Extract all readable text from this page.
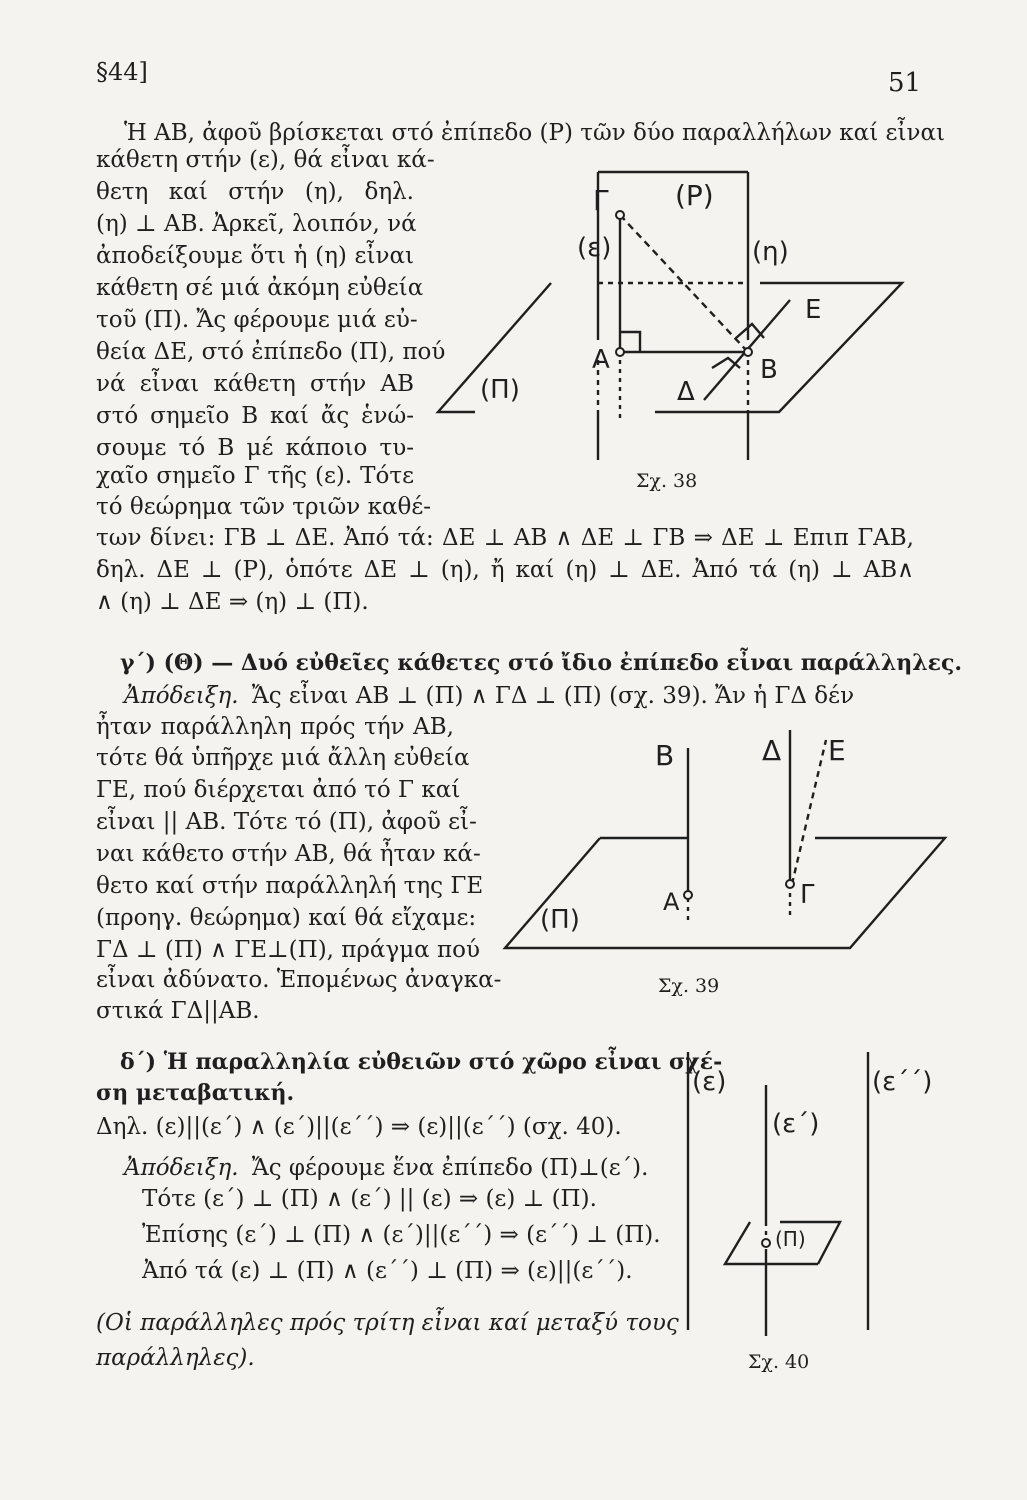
§44]	51
Ἡ ΑΒ, ἀφοῦ βρίσκεται στό ἐπίπεδο (Ρ) τῶν δύο παραλλήλων καί εἶναι
κάθετη στήν (ε), θά εἶναι κά-
θετη καί στήν (η), δηλ.
(η) ⊥ ΑΒ. Ἀρκεῖ, λοιπόν, νά
ἀποδείξουμε ὅτι ἡ (η) εἶναι
κάθετη σέ μιά ἀκόμη εὐθεία
τοῦ (Π). Ἄς φέρουμε μιά εὐ-
θεία ΔΕ, στό ἐπίπεδο (Π), πού
νά εἶναι κάθετη στήν ΑΒ
στό σημεῖο Β καί ἄς ἑνώ-
σουμε τό Β μέ κάποιο τυ-
χαῖο σημεῖο Γ τῆς (ε). Τότε
τό θεώρημα τῶν τριῶν καθέ-
των δίνει: ΓΒ ⊥ ΔΕ. Ἀπό τά: ΔΕ ⊥ ΑΒ ∧ ΔΕ ⊥ ΓΒ ⇒ ΔΕ ⊥ Επιπ ΓΑΒ,
δηλ. ΔΕ ⊥ (Ρ), ὁπότε ΔΕ ⊥ (η), ἤ καί (η) ⊥ ΔΕ. Ἀπό τά (η) ⊥ ΑΒ∧
∧ (η) ⊥ ΔΕ ⇒ (η) ⊥ (Π).
Γ (Ρ)
(ε)	(η)
Ε
Α	Β
Δ
(Π)
Σχ. 38
γ΄) (Θ) — Δυό εὐθεῖες κάθετες στό ἴδιο ἐπίπεδο εἶναι παράλληλες.
Ἀπόδειξη. Ἄς εἶναι ΑΒ ⊥ (Π) ∧ ΓΔ ⊥ (Π) (σχ. 39). Ἄν ἡ ΓΔ δέν
ἦταν παράλληλη πρός τήν ΑΒ,
τότε θά ὑπῆρχε μιά ἄλλη εὐθεία
ΓΕ, πού διέρχεται ἀπό τό Γ καί
εἶναι || ΑΒ. Τότε τό (Π), ἀφοῦ εἶ-
ναι κάθετο στήν ΑΒ, θά ἦταν κά-
θετο καί στήν παράλληλή της ΓΕ
(προηγ. θεώρημα) καί θά εἴχαμε:
ΓΔ ⊥ (Π) ∧ ΓΕ⊥(Π), πράγμα πού
εἶναι ἀδύνατο. Ἑπομένως ἀναγκα-
στικά ΓΔ||ΑΒ.
Β	Δ Ε
Α	Γ
(Π)
Σχ. 39
δ΄) Ἡ παραλληλία εὐθειῶν στό χῶρο εἶναι σχέ-
ση μεταβατική.
Δηλ. (ε)||(ε΄) ∧ (ε΄)||(ε΄΄) ⇒ (ε)||(ε΄΄) (σχ. 40).
Ἀπόδειξη. Ἄς φέρουμε ἕνα ἐπίπεδο (Π)⊥(ε΄).
Τότε (ε΄) ⊥ (Π) ∧ (ε΄) || (ε) ⇒ (ε) ⊥ (Π).
Ἐπίσης (ε΄) ⊥ (Π) ∧ (ε΄)||(ε΄΄) ⇒ (ε΄΄) ⊥ (Π).
Ἀπό τά (ε) ⊥ (Π) ∧ (ε΄΄) ⊥ (Π) ⇒ (ε)||(ε΄΄).
(Οἱ παράλληλες πρός τρίτη εἶναι καί μεταξύ τους
παράλληλες).
(ε)
(ε΄)
(ε΄΄)
(Π)
Σχ. 40
